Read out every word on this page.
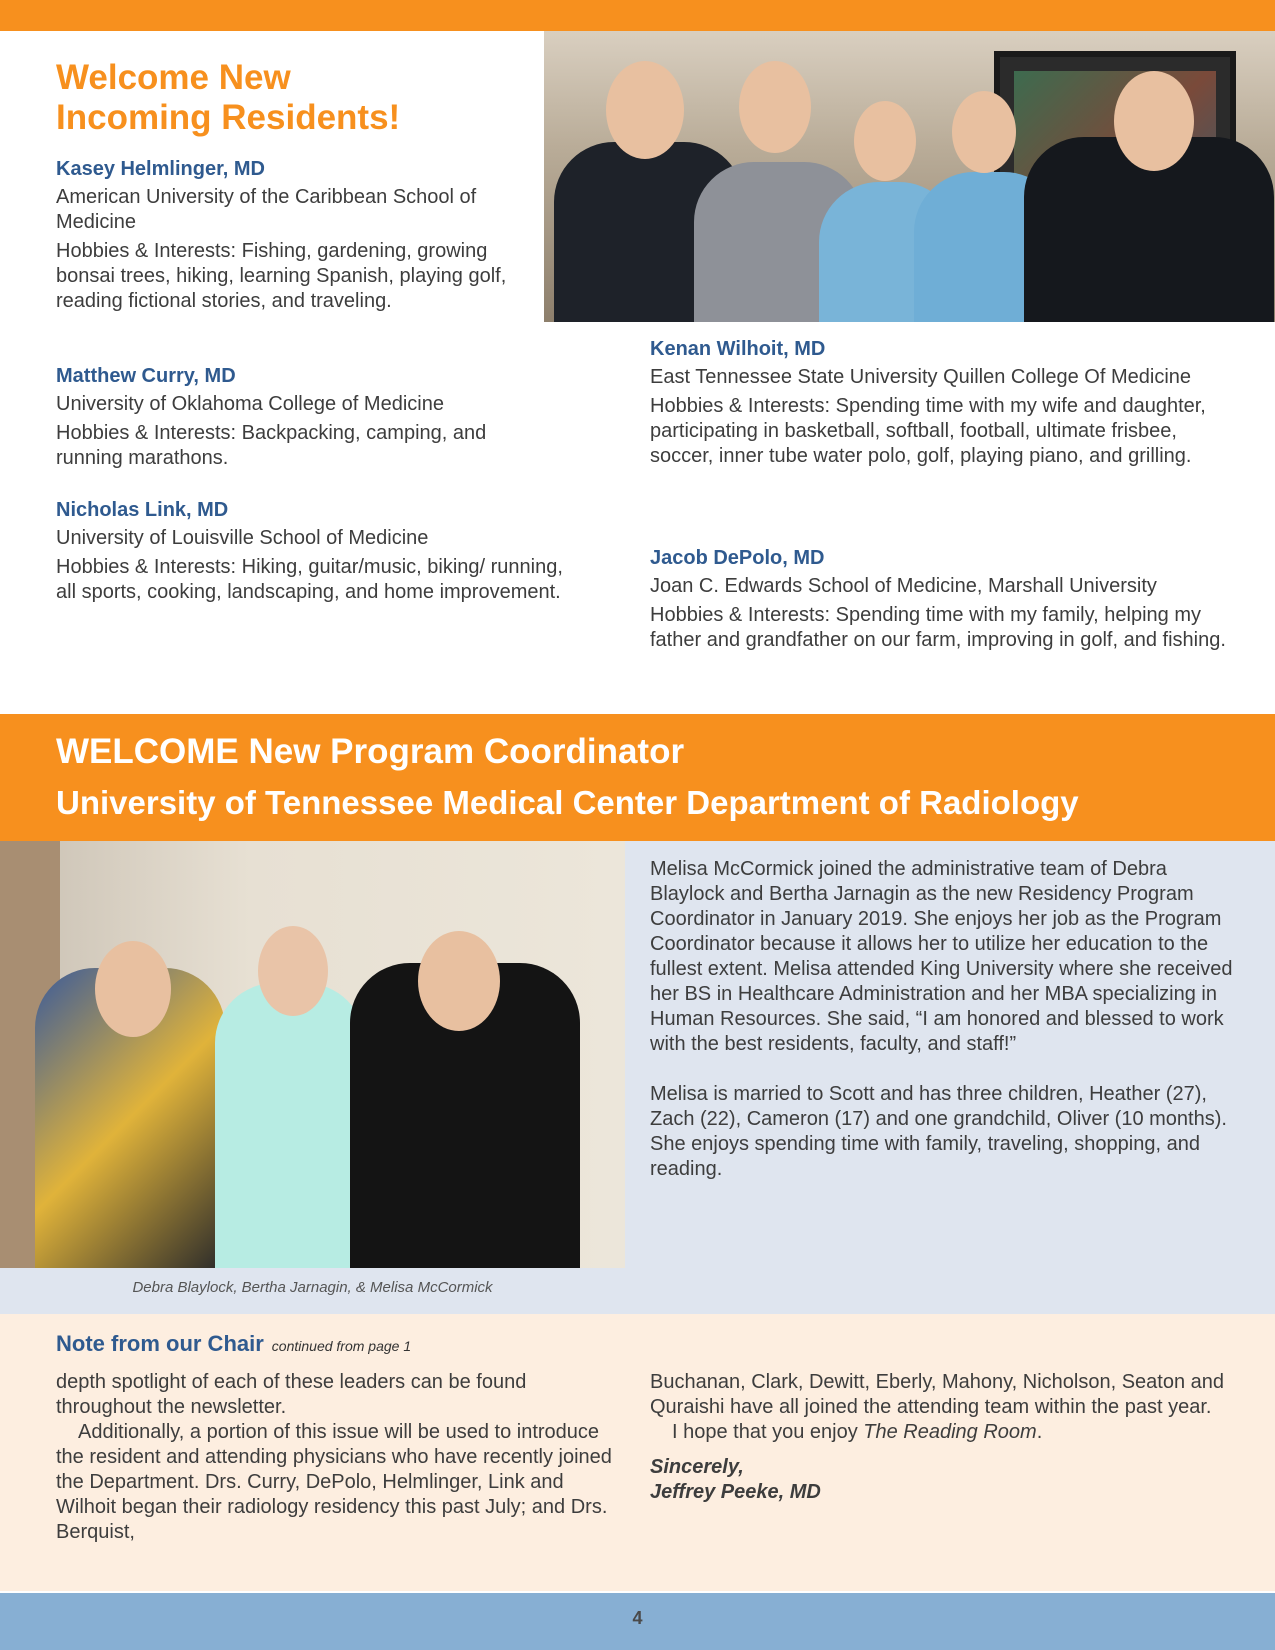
Welcome New
Incoming Residents!

Kasey Helmlinger, MD

American University of the Caribbean School of Medicine

Hobbies & Interests: Fishing, gardening, growing bonsai trees, hiking, learning Spanish, playing golf, reading fictional stories, and traveling.

Matthew Curry, MD

University of Oklahoma College of Medicine

Hobbies & Interests: Backpacking, camping, and running marathons.

Nicholas Link, MD

University of Louisville School of Medicine

Hobbies & Interests: Hiking, guitar/music, biking/ running, all sports, cooking, landscaping, and home improvement.

Kenan Wilhoit, MD

East Tennessee State University Quillen College Of Medicine

Hobbies & Interests: Spending time with my wife and daughter, participating in basketball, softball, football, ultimate frisbee, soccer, inner tube water polo, golf, playing piano, and grilling.

Jacob DePolo, MD

Joan C. Edwards School of Medicine, Marshall University

Hobbies & Interests: Spending time with my family, helping my father and grandfather on our farm, improving in golf, and fishing.

WELCOME New Program Coordinator
University of Tennessee Medical Center Department of Radiology
Debra Blaylock, Bertha Jarnagin, & Melisa McCormick

Melisa McCormick joined the administrative team of Debra Blaylock and Bertha Jarnagin as the new Residency Program Coordinator in January 2019. She enjoys her job as the Program Coordinator because it allows her to utilize her education to the fullest extent. Melisa attended King University where she received her BS in Healthcare Administration and her MBA specializing in Human Resources. She said, “I am honored and blessed to work with the best residents, faculty, and staff!”

Melisa is married to Scott and has three children, Heather (27), Zach (22), Cameron (17) and one grandchild, Oliver (10 months). She enjoys spending time with family, traveling, shopping, and reading.

Note from our Chair continued from page 1

depth spotlight of each of these leaders can be found throughout the newsletter.

Additionally, a portion of this issue will be used to introduce the resident and attending physicians who have recently joined the Department. Drs. Curry, DePolo, Helmlinger, Link and Wilhoit began their radiology residency this past July; and Drs. Berquist,

Buchanan, Clark, Dewitt, Eberly, Mahony, Nicholson, Seaton and Quraishi have all joined the attending team within the past year.

I hope that you enjoy The Reading Room.

Sincerely,

Jeffrey Peeke, MD

4
